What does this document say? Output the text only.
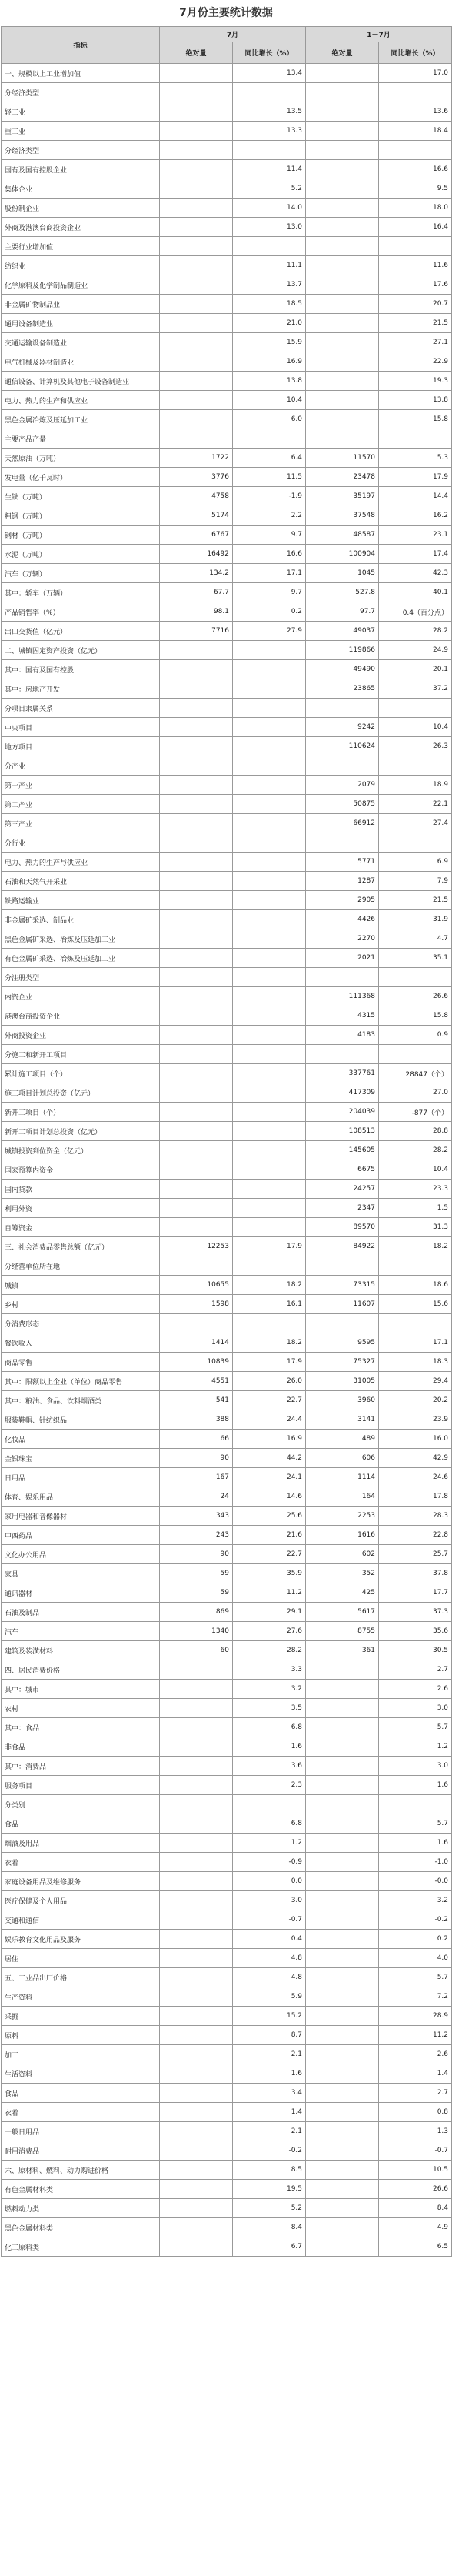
7月份主要统计数据
指标	7月		1－7月	
	绝对量	同比增长（%）	绝对量	同比增长（%）
一、规模以上工业增加值		13.4		17.0
分经济类型				
轻工业		13.5		13.6
重工业		13.3		18.4
分经济类型				
国有及国有控股企业		11.4		16.6
集体企业		5.2		9.5
股份制企业		14.0		18.0
外商及港澳台商投资企业		13.0		16.4
主要行业增加值				
纺织业		11.1		11.6
化学原料及化学制品制造业		13.7		17.6
非金属矿物制品业		18.5		20.7
通用设备制造业		21.0		21.5
交通运输设备制造业		15.9		27.1
电气机械及器材制造业		16.9		22.9
通信设备、计算机及其他电子设备制造业		13.8		19.3
电力、热力的生产和供应业		10.4		13.8
黑色金属冶炼及压延加工业		6.0		15.8
主要产品产量				
天然原油（万吨）	1722	6.4	11570	5.3
发电量（亿千瓦时）	3776	11.5	23478	17.9
生铁（万吨）	4758	-1.9	35197	14.4
粗钢（万吨）	5174	2.2	37548	16.2
钢材（万吨）	6767	9.7	48587	23.1
水泥（万吨）	16492	16.6	100904	17.4
汽车（万辆）	134.2	17.1	1045	42.3
其中：轿车（万辆）	67.7	9.7	527.8	40.1
产品销售率（%）	98.1	0.2	97.7	0.4（百分点）
出口交货值（亿元）	7716	27.9	49037	28.2
二、城镇固定资产投资（亿元）			119866	24.9
其中：国有及国有控股			49490	20.1
其中：房地产开发			23865	37.2
分项目隶属关系				
中央项目			9242	10.4
地方项目			110624	26.3
分产业				
第一产业			2079	18.9
第二产业			50875	22.1
第三产业			66912	27.4
分行业				
电力、热力的生产与供应业			5771	6.9
石油和天然气开采业			1287	7.9
铁路运输业			2905	21.5
非金属矿采选、制品业			4426	31.9
黑色金属矿采选、冶炼及压延加工业			2270	4.7
有色金属矿采选、冶炼及压延加工业			2021	35.1
分注册类型				
内资企业			111368	26.6
港澳台商投资企业			4315	15.8
外商投资企业			4183	0.9
分施工和新开工项目				
累计施工项目（个）			337761	28847（个）
施工项目计划总投资（亿元）			417309	27.0
新开工项目（个）			204039	-877（个）
新开工项目计划总投资（亿元）			108513	28.8
城镇投资到位资金（亿元）			145605	28.2
国家预算内资金			6675	10.4
国内贷款			24257	23.3
利用外资			2347	1.5
自筹资金			89570	31.3
三、社会消费品零售总额（亿元）	12253	17.9	84922	18.2
分经营单位所在地				
城镇	10655	18.2	73315	18.6
乡村	1598	16.1	11607	15.6
分消费形态				
餐饮收入	1414	18.2	9595	17.1
商品零售	10839	17.9	75327	18.3
其中：限额以上企业（单位）商品零售	4551	26.0	31005	29.4
其中：粮油、食品、饮料烟酒类	541	22.7	3960	20.2
服装鞋帽、针纺织品	388	24.4	3141	23.9
化妆品	66	16.9	489	16.0
金银珠宝	90	44.2	606	42.9
日用品	167	24.1	1114	24.6
体育、娱乐用品	24	14.6	164	17.8
家用电器和音像器材	343	25.6	2253	28.3
中西药品	243	21.6	1616	22.8
文化办公用品	90	22.7	602	25.7
家具	59	35.9	352	37.8
通讯器材	59	11.2	425	17.7
石油及制品	869	29.1	5617	37.3
汽车	1340	27.6	8755	35.6
建筑及装潢材料	60	28.2	361	30.5
四、居民消费价格		3.3		2.7
其中：城市		3.2		2.6
农村		3.5		3.0
其中：食品		6.8		5.7
非食品		1.6		1.2
其中：消费品		3.6		3.0
服务项目		2.3		1.6
分类别				
食品		6.8		5.7
烟酒及用品		1.2		1.6
衣着		-0.9		-1.0
家庭设备用品及维修服务		0.0		-0.0
医疗保健及个人用品		3.0		3.2
交通和通信		-0.7		-0.2
娱乐教育文化用品及服务		0.4		0.2
居住		4.8		4.0
五、工业品出厂价格		4.8		5.7
生产资料		5.9		7.2
采掘		15.2		28.9
原料		8.7		11.2
加工		2.1		2.6
生活资料		1.6		1.4
食品		3.4		2.7
衣着		1.4		0.8
一般日用品		2.1		1.3
耐用消费品		-0.2		-0.7
六、原材料、燃料、动力购进价格		8.5		10.5
有色金属材料类		19.5		26.6
燃料动力类		5.2		8.4
黑色金属材料类		8.4		4.9
化工原料类		6.7		6.5
